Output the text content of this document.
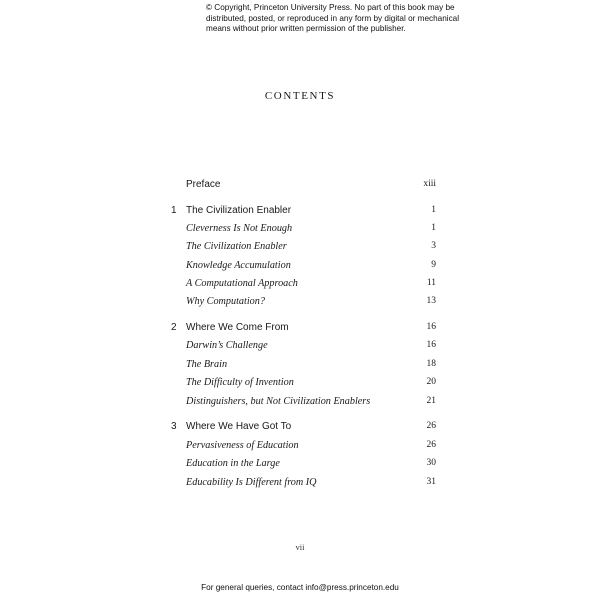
© Copyright, Princeton University Press. No part of this book may be
distributed, posted, or reproduced in any form by digital or mechanical
means without prior written permission of the publisher.
CONTENTS
Preface	xiii
1 The Civilization Enabler	1
Cleverness Is Not Enough	1
The Civilization Enabler	3
Knowledge Accumulation	9
A Computational Approach	11
Why Computation?	13
2 Where We Come From	16
Darwin’s Challenge	16
The Brain	18
The Difficulty of Invention	20
Distinguishers, but Not Civilization Enablers	21
3 Where We Have Got To	26
Pervasiveness of Education	26
Education in the Large	30
Educability Is Different from IQ	31
vii
For general queries, contact info@press.princeton.edu
